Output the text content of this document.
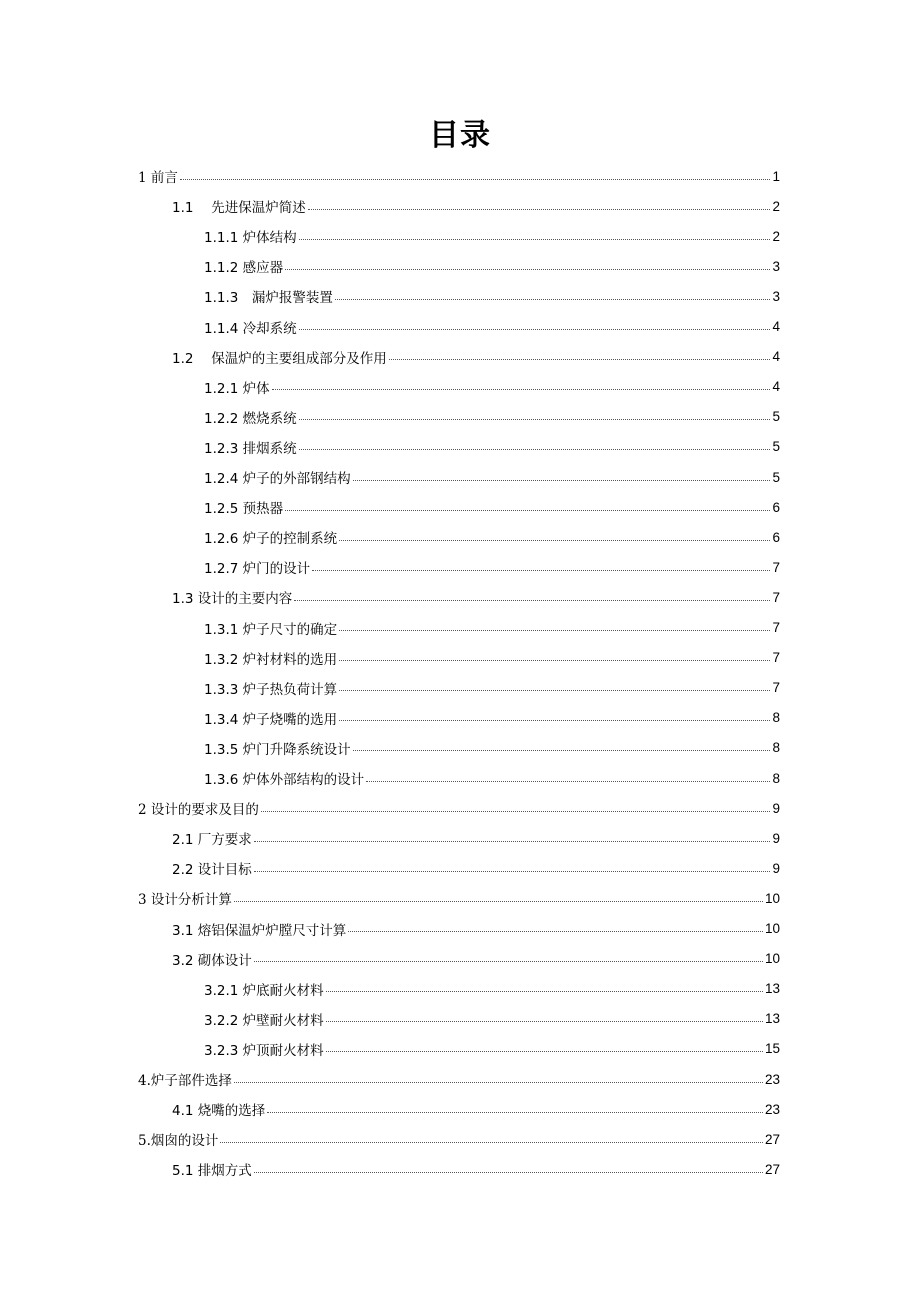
目录
1 前言	1
1.1　 先进保温炉简述	2
1.1.1 炉体结构	2
1.1.2 感应器	3
1.1.3　漏炉报警装置	3
1.1.4 冷却系统	4
1.2　 保温炉的主要组成部分及作用	4
1.2.1 炉体	4
1.2.2 燃烧系统	5
1.2.3 排烟系统	5
1.2.4 炉子的外部钢结构	5
1.2.5 预热器	6
1.2.6 炉子的控制系统	6
1.2.7 炉门的设计	7
1.3 设计的主要内容	7
1.3.1 炉子尺寸的确定	7
1.3.2 炉衬材料的选用	7
1.3.3 炉子热负荷计算	7
1.3.4 炉子烧嘴的选用	8
1.3.5 炉门升降系统设计	8
1.3.6 炉体外部结构的设计	8
2 设计的要求及目的	9
2.1 厂方要求	9
2.2 设计目标	9
3 设计分析计算	10
3.1 熔铝保温炉炉膛尺寸计算	10
3.2 砌体设计	10
3.2.1 炉底耐火材料	13
3.2.2 炉壁耐火材料	13
3.2.3 炉顶耐火材料	15
4.炉子部件选择	23
4.1 烧嘴的选择	23
5.烟囱的设计	27
5.1 排烟方式	27
